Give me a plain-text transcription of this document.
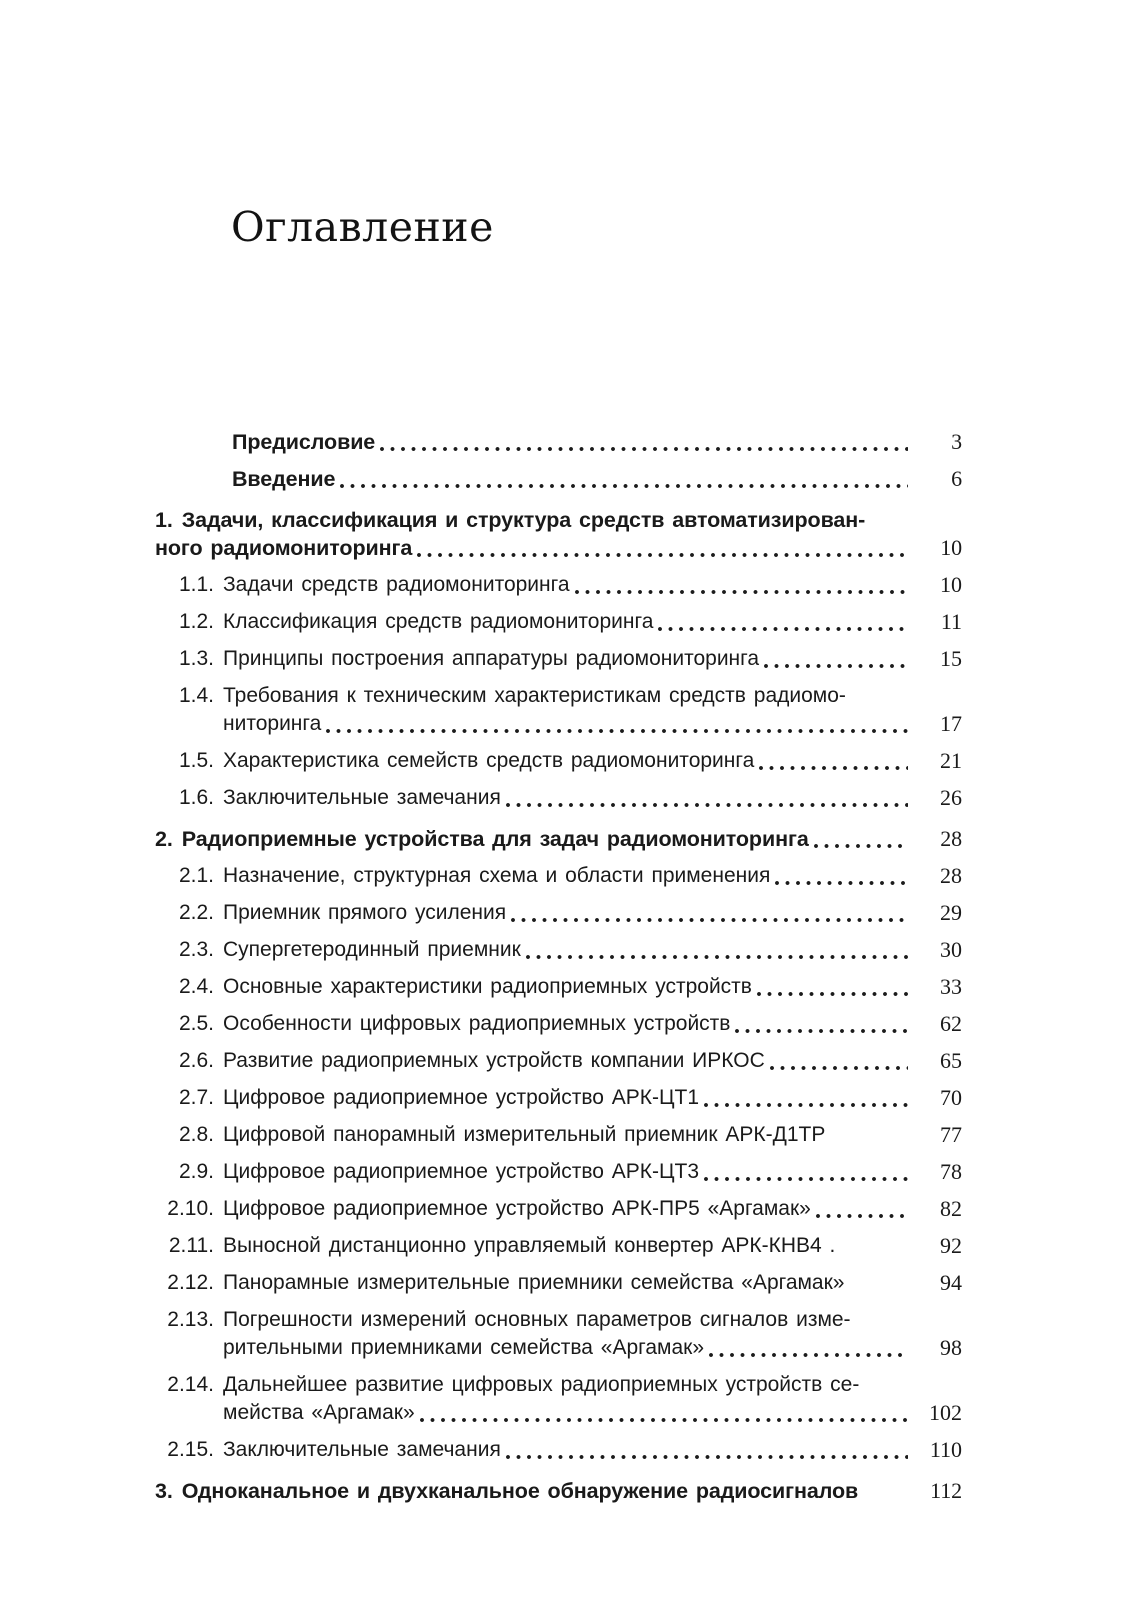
Оглавление
Предисловие	3
Введение	6
1. Задачи, классификация и структура средств автоматизирован-
ного радиомониторинга	10
1.1. Задачи средств радиомониторинга	10
1.2. Классификация средств радиомониторинга	11
1.3. Принципы построения аппаратуры радиомониторинга	15
1.4. Требования к техническим характеристикам средств радиомо-
ниторинга	17
1.5. Характеристика семейств средств радиомониторинга	21
1.6. Заключительные замечания	26
2. Радиоприемные устройства для задач радиомониторинга	28
2.1. Назначение, структурная схема и области применения	28
2.2. Приемник прямого усиления	29
2.3. Супергетеродинный приемник	30
2.4. Основные характеристики радиоприемных устройств	33
2.5. Особенности цифровых радиоприемных устройств	62
2.6. Развитие радиоприемных устройств компании ИРКОС	65
2.7. Цифровое радиоприемное устройство АРК-ЦТ1	70
2.8. Цифровой панорамный измерительный приемник АРК-Д1ТР	77
2.9. Цифровое радиоприемное устройство АРК-ЦТ3	78
2.10. Цифровое радиоприемное устройство АРК-ПР5 «Аргамак»	82
2.11. Выносной дистанционно управляемый конвертер АРК-КНВ4 .	92
2.12. Панорамные измерительные приемники семейства «Аргамак»	94
2.13. Погрешности измерений основных параметров сигналов изме-
рительными приемниками семейства «Аргамак»	98
2.14. Дальнейшее развитие цифровых радиоприемных устройств се-
мейства «Аргамак»	102
2.15. Заключительные замечания	110
3. Одноканальное и двухканальное обнаружение радиосигналов	112
